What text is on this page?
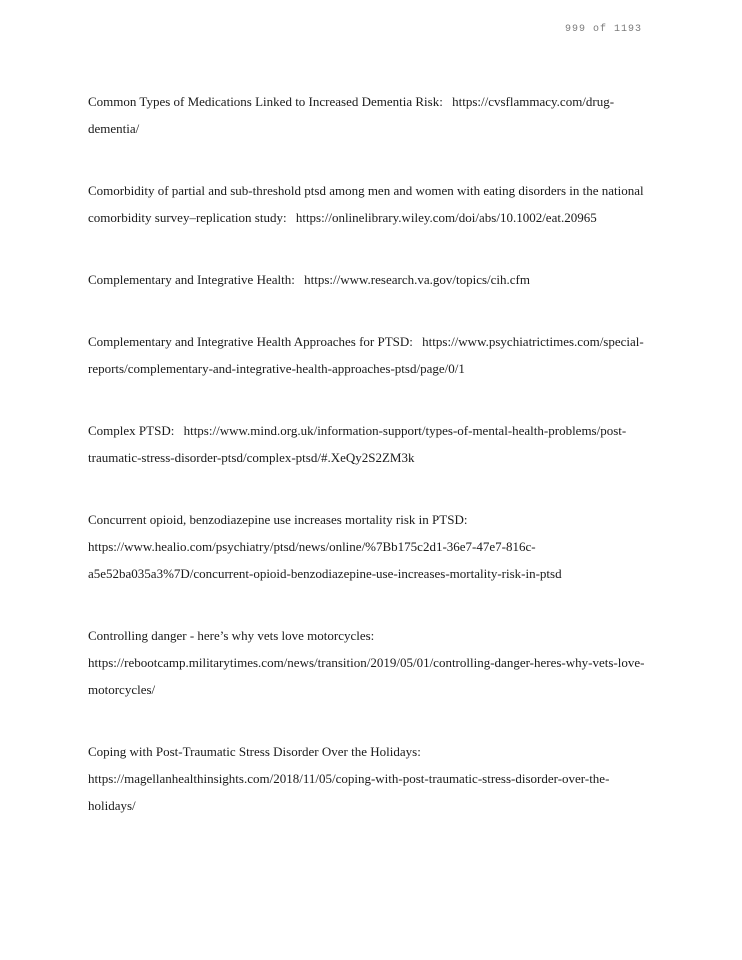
999 of 1193

Common Types of Medications Linked to Increased Dementia Risk: https://cvsflammacy.com/drug-dementia/

Comorbidity of partial and sub-threshold ptsd among men and women with eating disorders in the national comorbidity survey–replication study: https://onlinelibrary.wiley.com/doi/abs/10.1002/eat.20965

Complementary and Integrative Health: https://www.research.va.gov/topics/cih.cfm

Complementary and Integrative Health Approaches for PTSD: https://www.psychiatrictimes.com/special-reports/complementary-and-integrative-health-approaches-ptsd/page/0/1

Complex PTSD: https://www.mind.org.uk/information-support/types-of-mental-health-problems/post-traumatic-stress-disorder-ptsd/complex-ptsd/#.XeQy2S2ZM3k

Concurrent opioid, benzodiazepine use increases mortality risk in PTSD: https://www.healio.com/psychiatry/ptsd/news/online/%7Bb175c2d1-36e7-47e7-816c-a5e52ba035a3%7D/concurrent-opioid-benzodiazepine-use-increases-mortality-risk-in-ptsd

Controlling danger - here’s why vets love motorcycles: https://rebootcamp.militarytimes.com/news/transition/2019/05/01/controlling-danger-heres-why-vets-love-motorcycles/

Coping with Post-Traumatic Stress Disorder Over the Holidays: https://magellanhealthinsights.com/2018/11/05/coping-with-post-traumatic-stress-disorder-over-the-holidays/
